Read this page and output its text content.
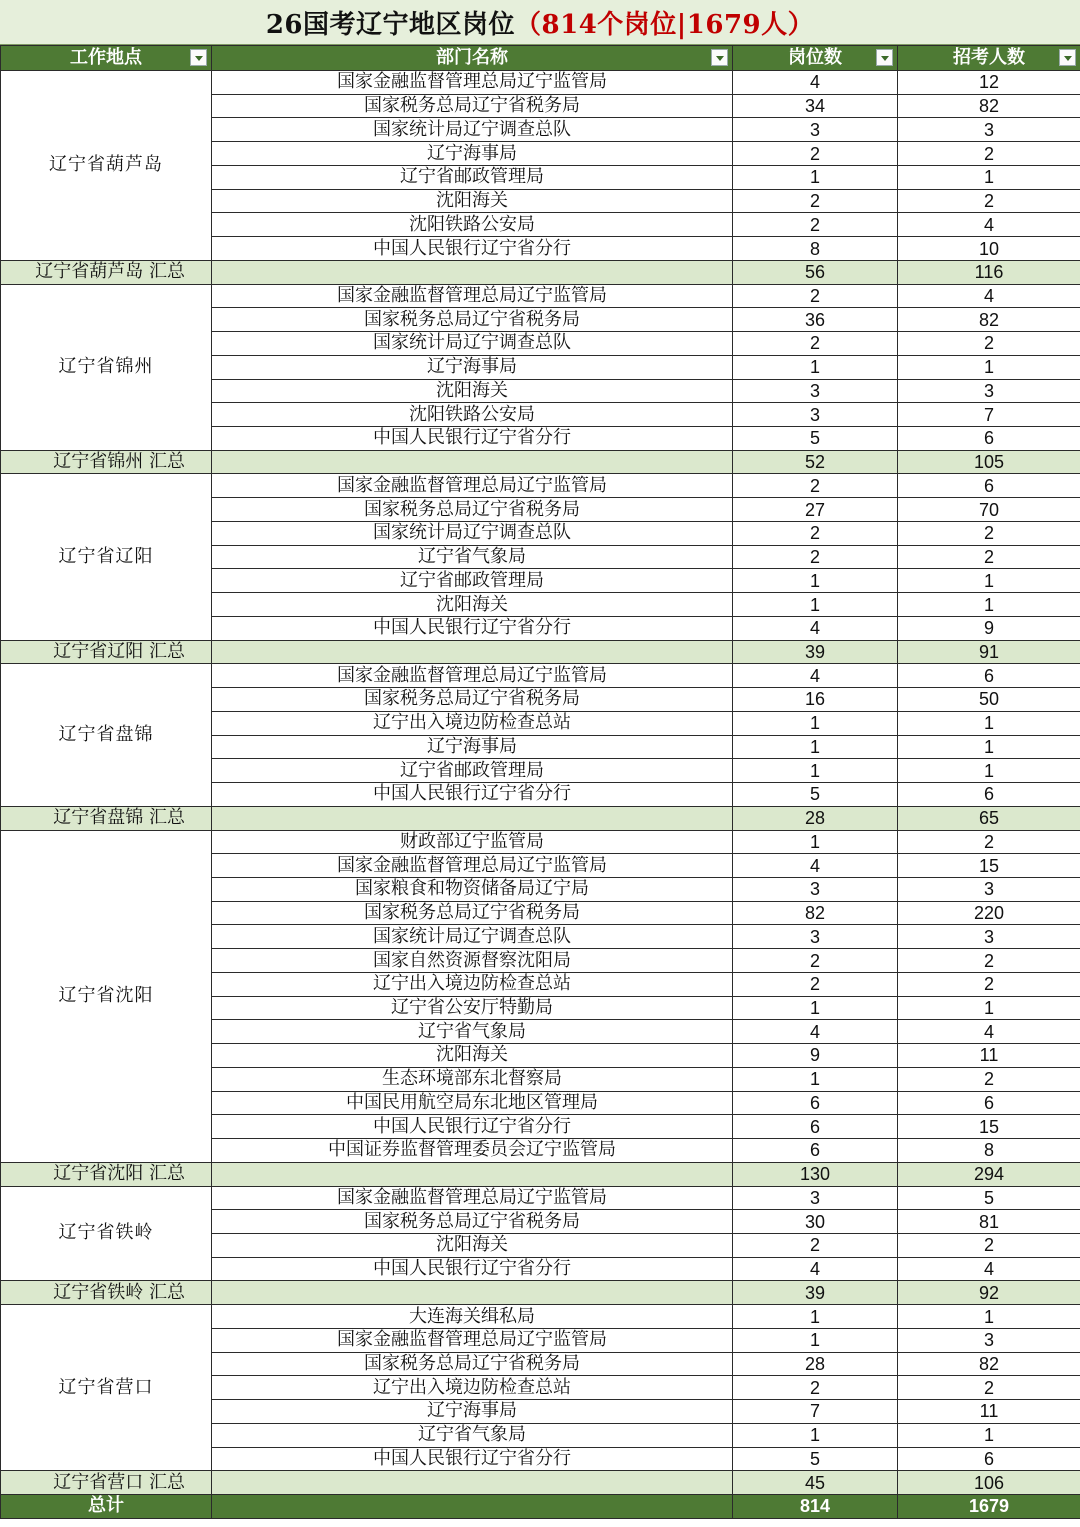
26国考辽宁地区岗位 （814个岗位|1679人）
工作地点	部门名称	岗位数	招考人数

辽宁省葫芦岛	国家金融监督管理总局辽宁监管局	4	12
	国家税务总局辽宁省税务局	34	82
	国家统计局辽宁调查总队	3	3
	辽宁海事局	2	2
	辽宁省邮政管理局	1	1
	沈阳海关	2	2
	沈阳铁路公安局	2	4
	中国人民银行辽宁省分行	8	10
辽宁省葫芦岛 汇总		56	116
辽宁省锦州	国家金融监督管理总局辽宁监管局	2	4
	国家税务总局辽宁省税务局	36	82
	国家统计局辽宁调查总队	2	2
	辽宁海事局	1	1
	沈阳海关	3	3
	沈阳铁路公安局	3	7
	中国人民银行辽宁省分行	5	6
辽宁省锦州 汇总		52	105
辽宁省辽阳	国家金融监督管理总局辽宁监管局	2	6
	国家税务总局辽宁省税务局	27	70
	国家统计局辽宁调查总队	2	2
	辽宁省气象局	2	2
	辽宁省邮政管理局	1	1
	沈阳海关	1	1
	中国人民银行辽宁省分行	4	9
辽宁省辽阳 汇总		39	91
辽宁省盘锦	国家金融监督管理总局辽宁监管局	4	6
	国家税务总局辽宁省税务局	16	50
	辽宁出入境边防检查总站	1	1
	辽宁海事局	1	1
	辽宁省邮政管理局	1	1
	中国人民银行辽宁省分行	5	6
辽宁省盘锦 汇总		28	65
辽宁省沈阳	财政部辽宁监管局	1	2
	国家金融监督管理总局辽宁监管局	4	15
	国家粮食和物资储备局辽宁局	3	3
	国家税务总局辽宁省税务局	82	220
	国家统计局辽宁调查总队	3	3
	国家自然资源督察沈阳局	2	2
	辽宁出入境边防检查总站	2	2
	辽宁省公安厅特勤局	1	1
	辽宁省气象局	4	4
	沈阳海关	9	11
	生态环境部东北督察局	1	2
	中国民用航空局东北地区管理局	6	6
	中国人民银行辽宁省分行	6	15
	中国证券监督管理委员会辽宁监管局	6	8
辽宁省沈阳 汇总		130	294
辽宁省铁岭	国家金融监督管理总局辽宁监管局	3	5
	国家税务总局辽宁省税务局	30	81
	沈阳海关	2	2
	中国人民银行辽宁省分行	4	4
辽宁省铁岭 汇总		39	92
辽宁省营口	大连海关缉私局	1	1
	国家金融监督管理总局辽宁监管局	1	3
	国家税务总局辽宁省税务局	28	82
	辽宁出入境边防检查总站	2	2
	辽宁海事局	7	11
	辽宁省气象局	1	1
	中国人民银行辽宁省分行	5	6
辽宁省营口 汇总		45	106
总计		814	1679
